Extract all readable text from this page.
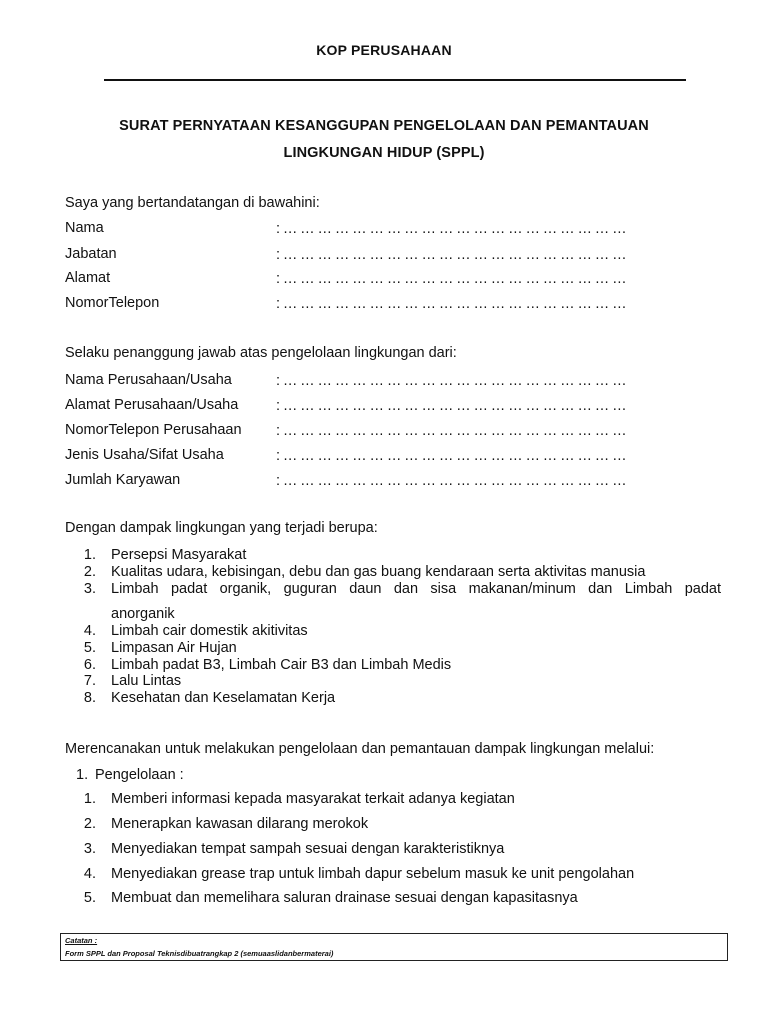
KOP PERUSAHAAN

SURAT PERNYATAAN KESANGGUPAN PENGELOLAAN DAN PEMANTAUAN

LINGKUNGAN HIDUP (SPPL)

Saya yang bertandatangan di bawahini:

Nama	: … … … … … … … … … … … … … … … … … … … …

Jabatan	: … … … … … … … … … … … … … … … … … … … …

Alamat	: … … … … … … … … … … … … … … … … … … … …

NomorTelepon	: … … … … … … … … … … … … … … … … … … … …

Selaku penanggung jawab atas pengelolaan lingkungan dari:

Nama Perusahaan/Usaha	: … … … … … … … … … … … … … … … … … … … …

Alamat Perusahaan/Usaha	: … … … … … … … … … … … … … … … … … … … …

NomorTelepon Perusahaan : … … … … … … … … … … … … … … … … … … … …

Jenis Usaha/Sifat Usaha	: … … … … … … … … … … … … … … … … … … … …

Jumlah Karyawan	: … … … … … … … … … … … … … … … … … … … …

Dengan dampak lingkungan yang terjadi berupa:

1. Persepsi Masyarakat
2. Kualitas udara, kebisingan, debu dan gas buang kendaraan serta aktivitas manusia
3. Limbah padat organik, guguran daun dan sisa makanan/minum dan Limbah padat
anorganik
4. Limbah cair domestik akitivitas
5. Limpasan Air Hujan
6. Limbah padat B3, Limbah Cair B3 dan Limbah Medis
7. Lalu Lintas
8. Kesehatan dan Keselamatan Kerja

Merencanakan untuk melakukan pengelolaan dan pemantauan dampak lingkungan melalui:

1. Pengelolaan :
1. Memberi informasi kepada masyarakat terkait adanya kegiatan
2. Menerapkan kawasan dilarang merokok
3. Menyediakan tempat sampah sesuai dengan karakteristiknya
4. Menyediakan grease trap untuk limbah dapur sebelum masuk ke unit pengolahan
5. Membuat dan memelihara saluran drainase sesuai dengan kapasitasnya
Catatan :
Form SPPL dan Proposal Teknisdibuatrangkap 2 (semuaaslidanbermaterai)
